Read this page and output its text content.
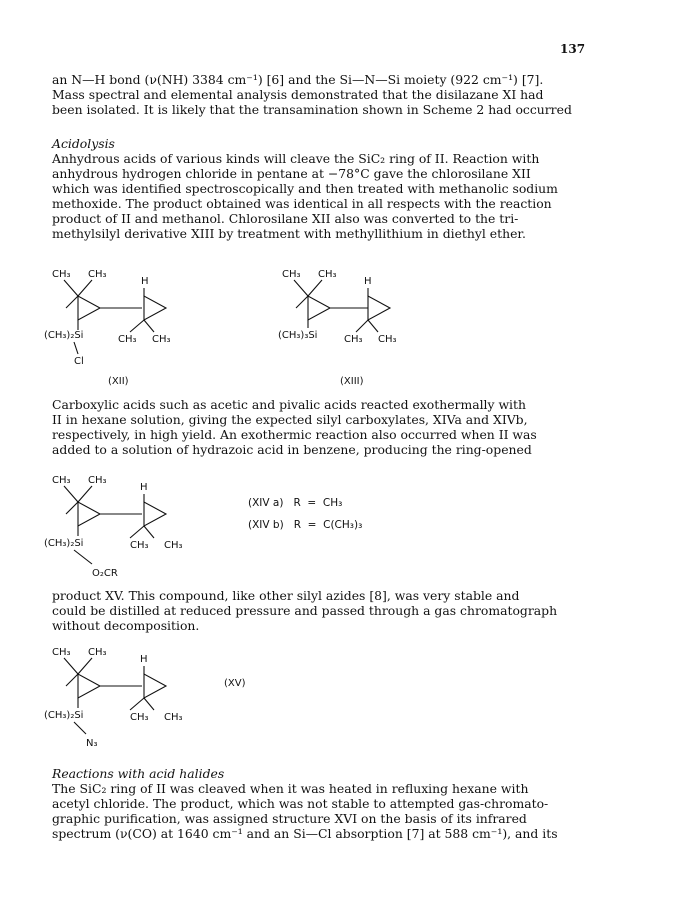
137

an N—H bond (ν(NH) 3384 cm⁻¹) [6] and the Si—N—Si moiety (922 cm⁻¹) [7].
Mass spectral and elemental analysis demonstrated that the disilazane XI had
been isolated. It is likely that the transamination shown in Scheme 2 had occurred

Acidolysis

Anhydrous acids of various kinds will cleave the SiC₂ ring of II. Reaction with
anhydrous hydrogen chloride in pentane at −78°C gave the chlorosilane XII
which was identified spectroscopically and then treated with methanolic sodium
methoxide. The product obtained was identical in all respects with the reaction
product of II and methanol. Chlorosilane XII also was converted to the tri-
methylsilyl derivative XIII by treatment with methyllithium in diethyl ether.

CH₃ CH₃
H
(CH₃)₂Si	CH₃ CH₃
Cl
(XII)
CH₃ CH₃
H
(CH₃)₃Si	CH₃ CH₃
(XIII)

Carboxylic acids such as acetic and pivalic acids reacted exothermally with
II in hexane solution, giving the expected silyl carboxylates, XIVa and XIVb,
respectively, in high yield. An exothermic reaction also occurred when II was
added to a solution of hydrazoic acid in benzene, producing the ring-opened

CH₃ CH₃
H
(CH₃)₂Si	CH₃ CH₃
O₂CR
(XIV a) R  =  CH₃
(XIV b) R  =  C(CH₃)₃

product XV. This compound, like other silyl azides [8], was very stable and
could be distilled at reduced pressure and passed through a gas chromatograph
without decomposition.

CH₃ CH₃
H
(CH₃)₂Si	CH₃ CH₃
N₃
(XV)

Reactions with acid halides

The SiC₂ ring of II was cleaved when it was heated in refluxing hexane with
acetyl chloride. The product, which was not stable to attempted gas-chromato-
graphic purification, was assigned structure XVI on the basis of its infrared
spectrum (ν(CO) at 1640 cm⁻¹ and an Si—Cl absorption [7] at 588 cm⁻¹), and its
